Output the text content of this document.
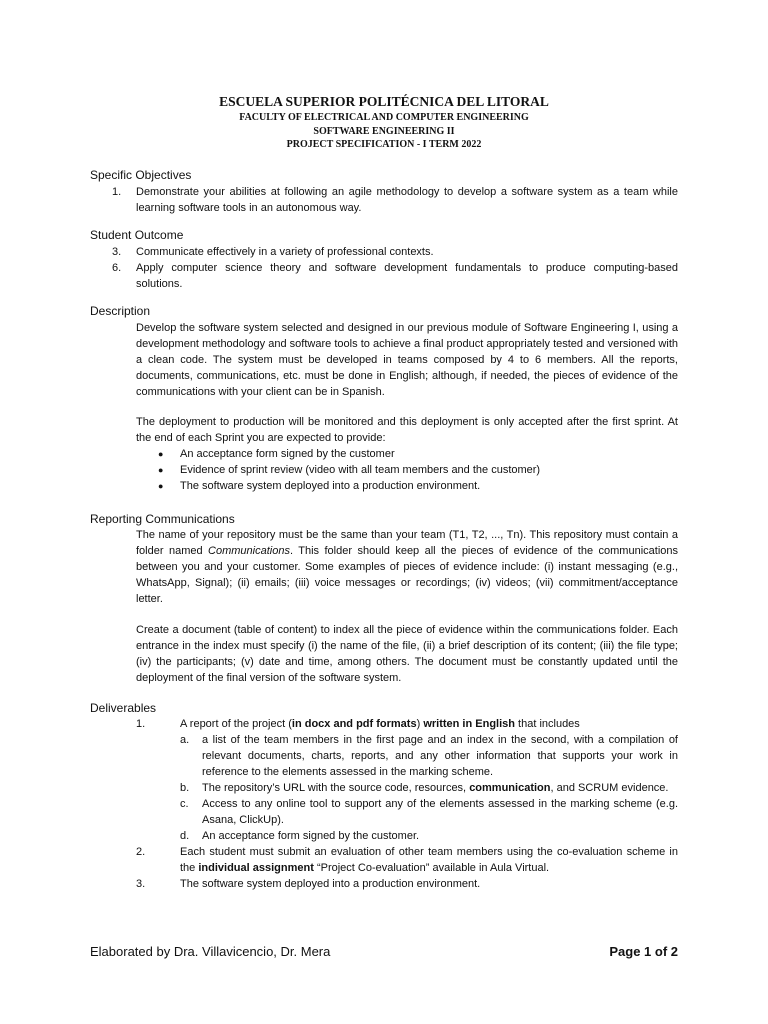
ESCUELA SUPERIOR POLITÉCNICA DEL LITORAL
FACULTY OF ELECTRICAL AND COMPUTER ENGINEERING
SOFTWARE ENGINEERING II
PROJECT SPECIFICATION - I TERM 2022
Specific Objectives
1. Demonstrate your abilities at following an agile methodology to develop a software system as a team while learning software tools in an autonomous way.
Student Outcome
3. Communicate effectively in a variety of professional contexts.
6. Apply computer science theory and software development fundamentals to produce computing-based solutions.
Description
Develop the software system selected and designed in our previous module of Software Engineering I, using a development methodology and software tools to achieve a final product appropriately tested and versioned with a clean code. The system must be developed in teams composed by 4 to 6 members. All the reports, documents, communications, etc. must be done in English; although, if needed, the pieces of evidence of the communications with your client can be in Spanish.
The deployment to production will be monitored and this deployment is only accepted after the first sprint. At the end of each Sprint you are expected to provide:
● An acceptance form signed by the customer
● Evidence of sprint review (video with all team members and the customer)
● The software system deployed into a production environment.
Reporting Communications
The name of your repository must be the same than your team (T1, T2, ..., Tn). This repository must contain a folder named Communications. This folder should keep all the pieces of evidence of the communications between you and your customer. Some examples of pieces of evidence include: (i) instant messaging (e.g., WhatsApp, Signal); (ii) emails; (iii) voice messages or recordings; (iv) videos; (vii) commitment/acceptance letter.
Create a document (table of content) to index all the piece of evidence within the communications folder. Each entrance in the index must specify (i) the name of the file, (ii) a brief description of its content; (iii) the file type; (iv) the participants; (v) date and time, among others. The document must be constantly updated until the deployment of the final version of the software system.
Deliverables
1.	A report of the project (in docx and pdf formats) written in English that includes
a. a list of the team members in the first page and an index in the second, with a compilation of relevant documents, charts, reports, and any other information that supports your work in reference to the elements assessed in the marking scheme.
b. The repository’s URL with the source code, resources, communication, and SCRUM evidence.
c. Access to any online tool to support any of the elements assessed in the marking scheme (e.g. Asana, ClickUp).
d. An acceptance form signed by the customer.
2.	Each student must submit an evaluation of other team members using the co-evaluation scheme in the individual assignment “Project Co-evaluation” available in Aula Virtual.
3.	The software system deployed into a production environment.
Elaborated by Dra. Villavicencio, Dr. Mera	Page 1 of 2
